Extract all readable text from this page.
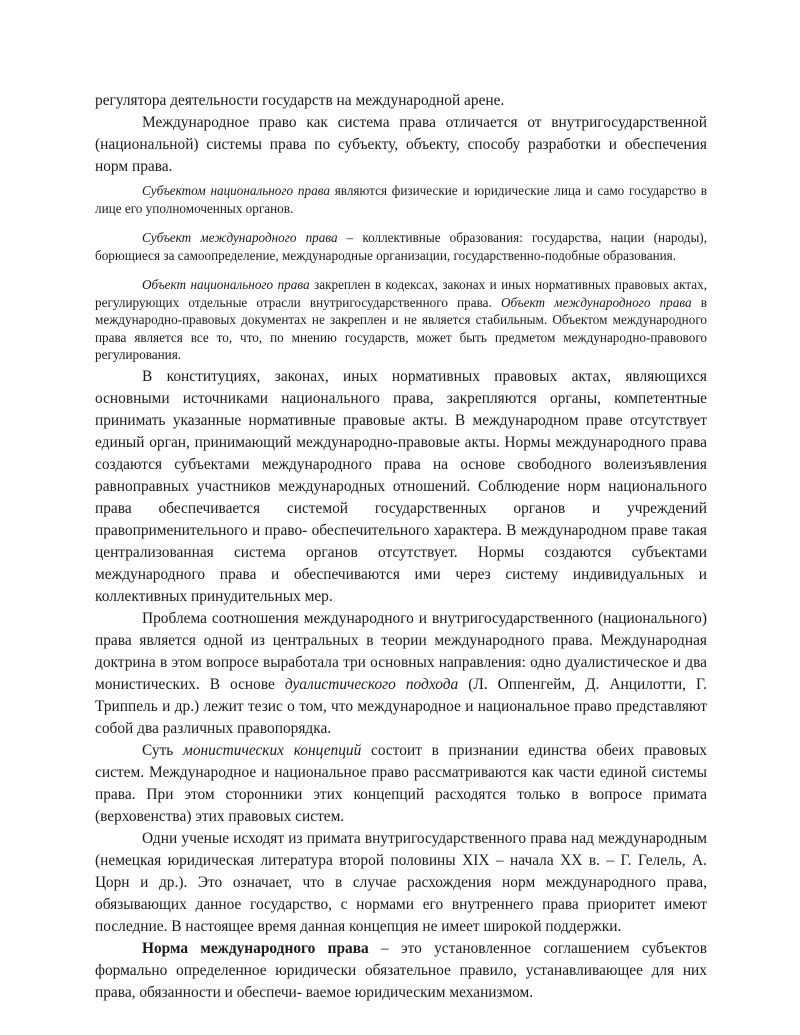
регулятора деятельности государств на международной арене.

Международное право как система права отличается от внутригосударственной (национальной) системы права по субъекту, объекту, способу разработки и обеспечения норм права.

Субъектом национального права являются физические и юридические лица и само государство в лице его уполномоченных органов.

Субъект международного права – коллективные образования: государства, нации (народы), борющиеся за самоопределение, международные организации, государственно-подобные образования.

Объект национального права закреплен в кодексах, законах и иных нормативных правовых актах, регулирующих отдельные отрасли внутригосударственного права. Объект международного права в международно-правовых документах не закреплен и не является стабильным. Объектом международного права является все то, что, по мнению государств, может быть предметом международно-правового регулирования.

В конституциях, законах, иных нормативных правовых актах, являющихся основными источниками национального права, закрепляются органы, компетентные принимать указанные нормативные правовые акты. В международном праве отсутствует единый орган, принимающий международно-правовые акты. Нормы международного права создаются субъектами международного права на основе свободного волеизъявления равноправных участников международных отношений. Соблюдение норм национального права обеспечивается системой государственных органов и учреждений правоприменительного и право- обеспечительного характера. В международном праве такая централизованная система органов отсутствует. Нормы создаются субъектами международного права и обеспечиваются ими через систему индивидуальных и коллективных принудительных мер.

Проблема соотношения международного и внутригосударственного (национального) права является одной из центральных в теории международного права. Международная доктрина в этом вопросе выработала три основных направления: одно дуалистическое и два монистических. В основе дуалистического подхода (Л. Оппенгейм, Д. Анцилотти, Г. Триппель и др.) лежит тезис о том, что международное и национальное право представляют собой два различных правопорядка.

Суть монистических концепций состоит в признании единства обеих правовых систем. Международное и национальное право рассматриваются как части единой системы права. При этом сторонники этих концепций расходятся только в вопросе примата (верховенства) этих правовых систем.

Одни ученые исходят из примата внутригосударственного права над международным (немецкая юридическая литература второй половины XIX – начала XX в. – Г. Гелель, А. Цорн и др.). Это означает, что в случае расхождения норм международного права, обязывающих данное государство, с нормами его внутреннего права приоритет имеют последние. В настоящее время данная концепция не имеет широкой поддержки.

Норма международного права – это установленное соглашением субъектов формально определенное юридически обязательное правило, устанавливающее для них права, обязанности и обеспечи- ваемое юридическим механизмом.
